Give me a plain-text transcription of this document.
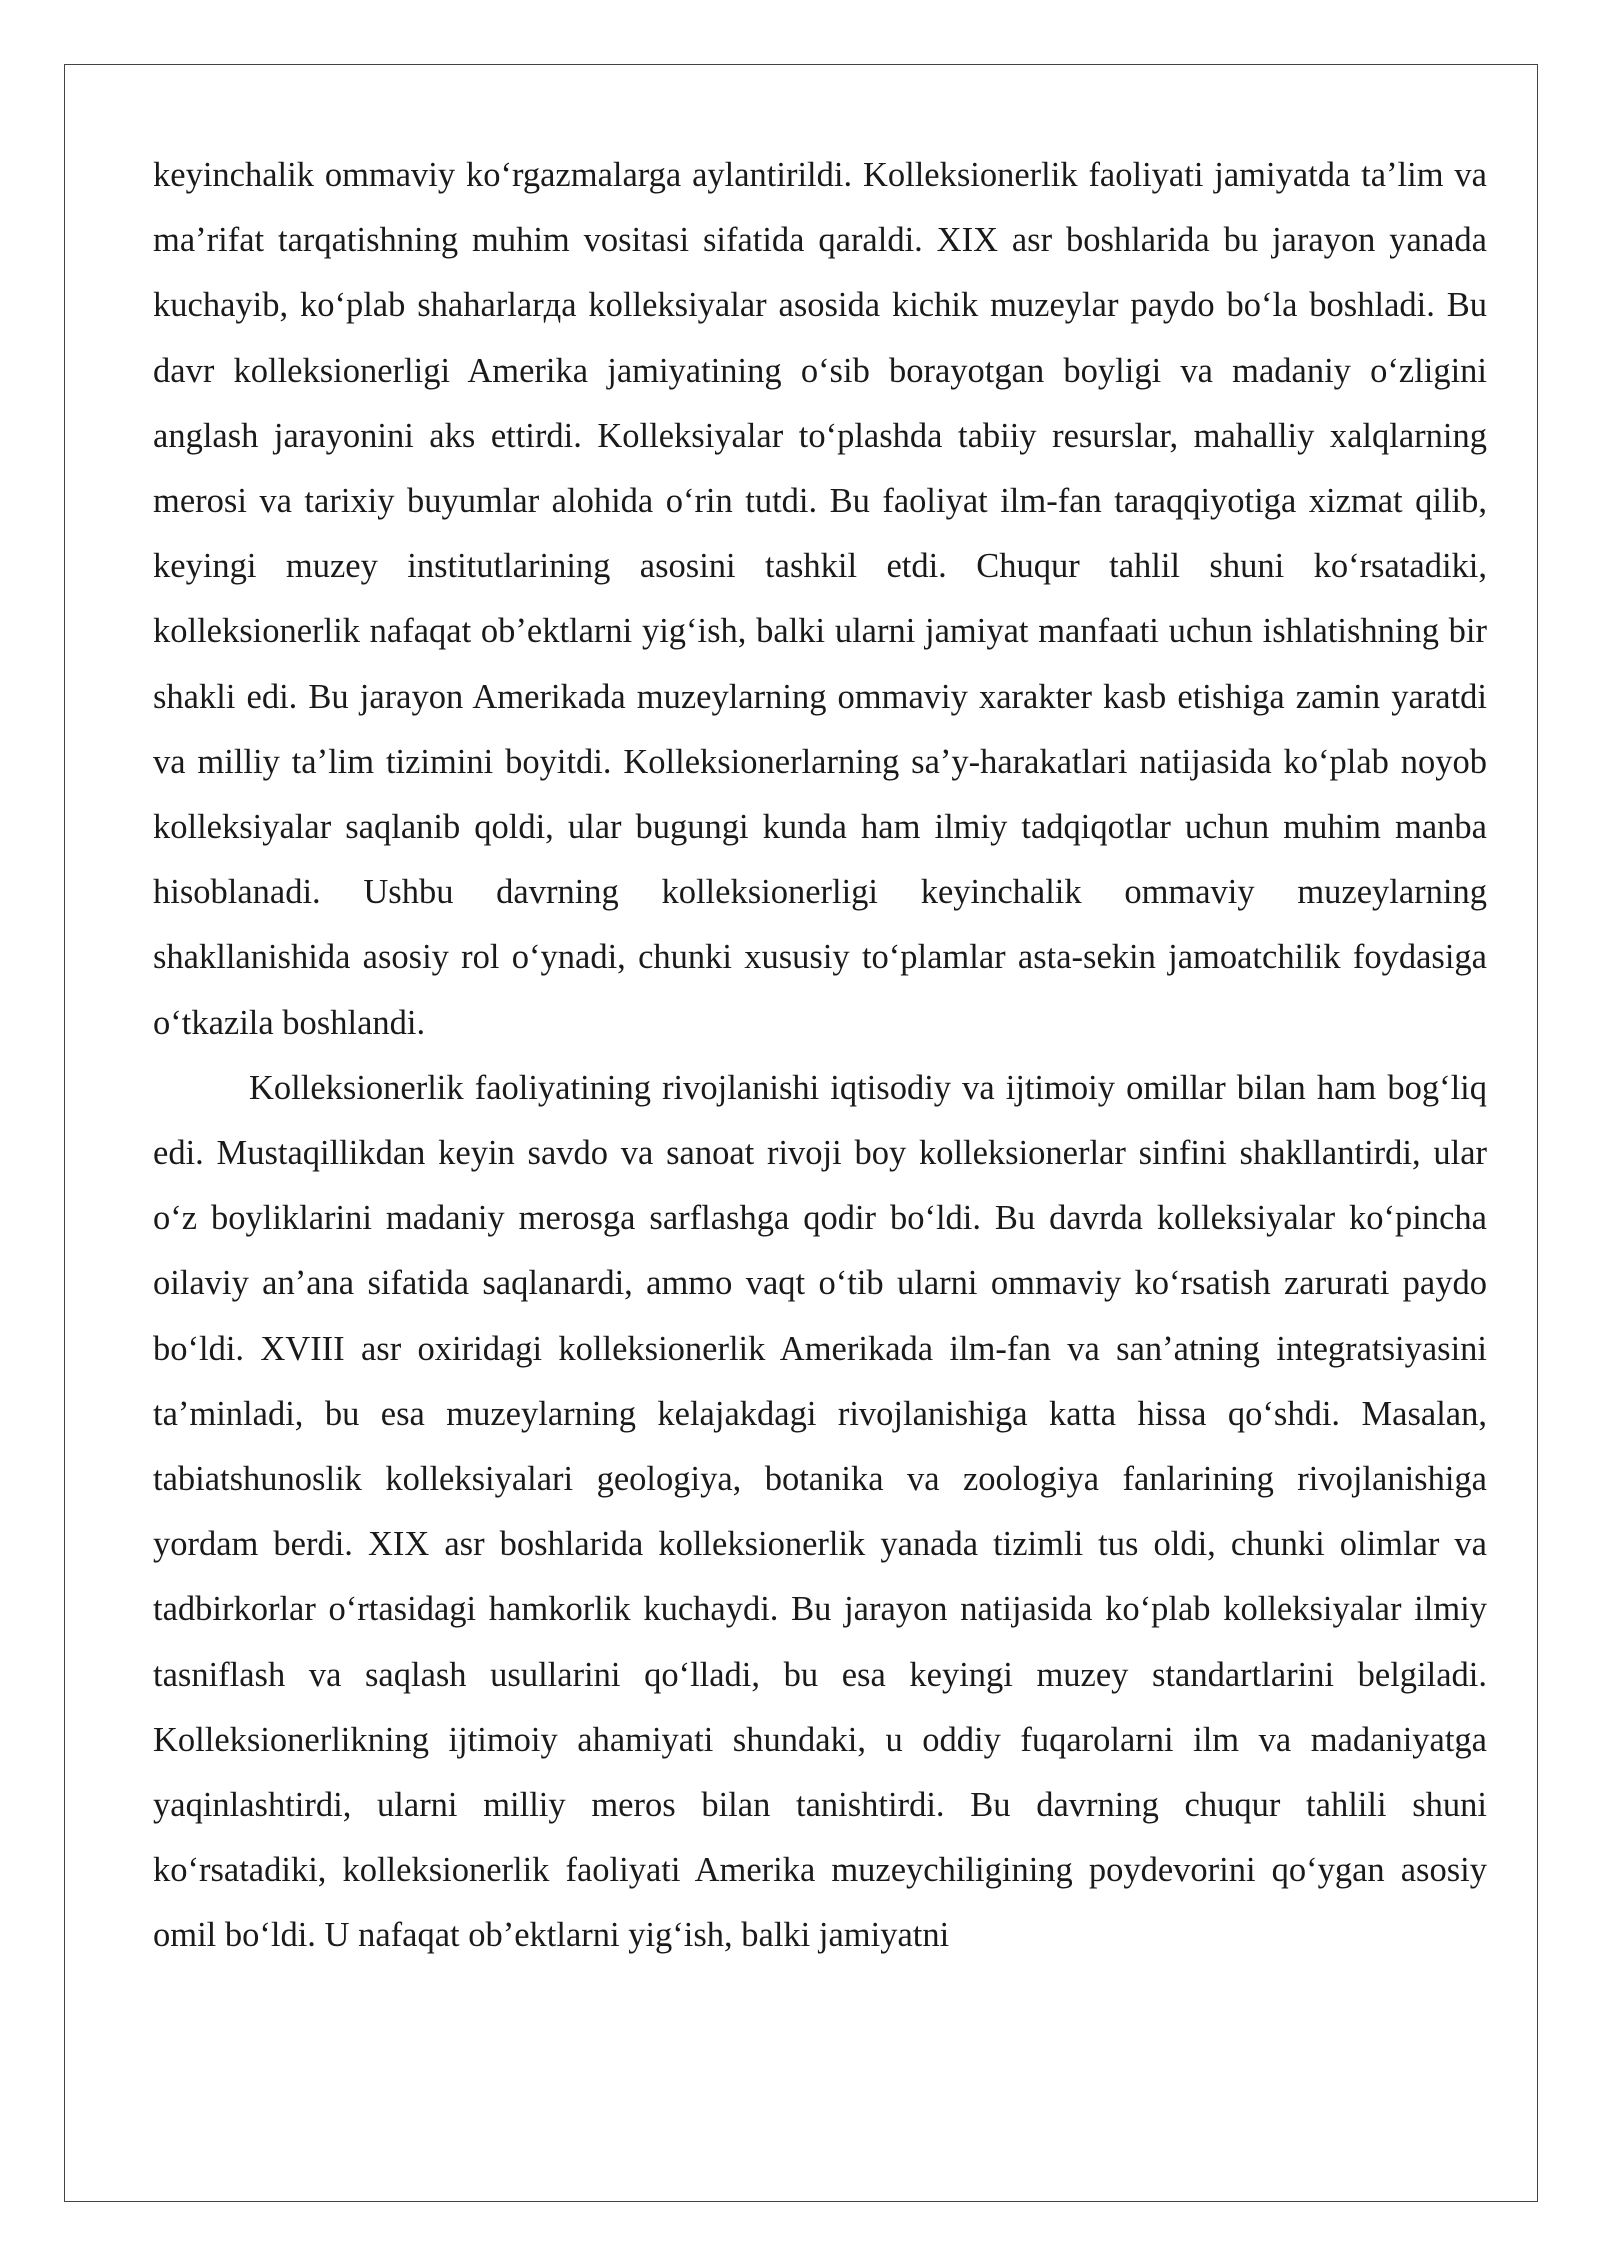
keyinchalik ommaviy koʻrgazmalarga aylantirildi. Kolleksionerlik faoliyati jamiyatda taʼlim va maʼrifat tarqatishning muhim vositasi sifatida qaraldi. XIX asr boshlarida bu jarayon yanada kuchayib, koʻplab shaharlarда kolleksiyalar asosida kichik muzeylar paydo boʻla boshladi. Bu davr kolleksionerligi Amerika jamiyatining oʻsib borayotgan boyligi va madaniy oʻzligini anglash jarayonini aks ettirdi. Kolleksiyalar toʻplashda tabiiy resurslar, mahalliy xalqlarning merosi va tarixiy buyumlar alohida oʻrin tutdi. Bu faoliyat ilm-fan taraqqiyotiga xizmat qilib, keyingi muzey institutlarining asosini tashkil etdi. Chuqur tahlil shuni koʻrsatadiki, kolleksionerlik nafaqat obʼektlarni yigʻish, balki ularni jamiyat manfaati uchun ishlatishning bir shakli edi. Bu jarayon Amerikada muzeylarning ommaviy xarakter kasb etishiga zamin yaratdi va milliy taʼlim tizimini boyitdi. Kolleksionerlarning saʼy-harakatlari natijasida koʻplab noyob kolleksiyalar saqlanib qoldi, ular bugungi kunda ham ilmiy tadqiqotlar uchun muhim manba hisoblanadi. Ushbu davrning kolleksionerligi keyinchalik ommaviy muzeylarning shakllanishida asosiy rol oʻynadi, chunki xususiy toʻplamlar asta-sekin jamoatchilik foydasiga oʻtkazila boshlandi.

Kolleksionerlik faoliyatining rivojlanishi iqtisodiy va ijtimoiy omillar bilan ham bogʻliq edi. Mustaqillikdan keyin savdo va sanoat rivoji boy kolleksionerlar sinfini shakllantirdi, ular oʻz boyliklarini madaniy merosga sarflashga qodir boʻldi. Bu davrda kolleksiyalar koʻpincha oilaviy anʼana sifatida saqlanardi, ammo vaqt oʻtib ularni ommaviy koʻrsatish zarurati paydo boʻldi. XVIII asr oxiridagi kolleksionerlik Amerikada ilm-fan va sanʼatning integratsiyasini taʼminladi, bu esa muzeylarning kelajakdagi rivojlanishiga katta hissa qoʻshdi. Masalan, tabiatshunoslik kolleksiyalari geologiya, botanika va zoologiya fanlarining rivojlanishiga yordam berdi. XIX asr boshlarida kolleksionerlik yanada tizimli tus oldi, chunki olimlar va tadbirkorlar oʻrtasidagi hamkorlik kuchaydi. Bu jarayon natijasida koʻplab kolleksiyalar ilmiy tasniflash va saqlash usullarini qoʻlladi, bu esa keyingi muzey standartlarini belgiladi. Kolleksionerlikning ijtimoiy ahamiyati shundaki, u oddiy fuqarolarni ilm va madaniyatga yaqinlashtirdi, ularni milliy meros bilan tanishtirdi. Bu davrning chuqur tahlili shuni koʻrsatadiki, kolleksionerlik faoliyati Amerika muzeychiligining poydevorini qoʻygan asosiy omil boʻldi. U nafaqat obʼektlarni yigʻish, balki jamiyatni
